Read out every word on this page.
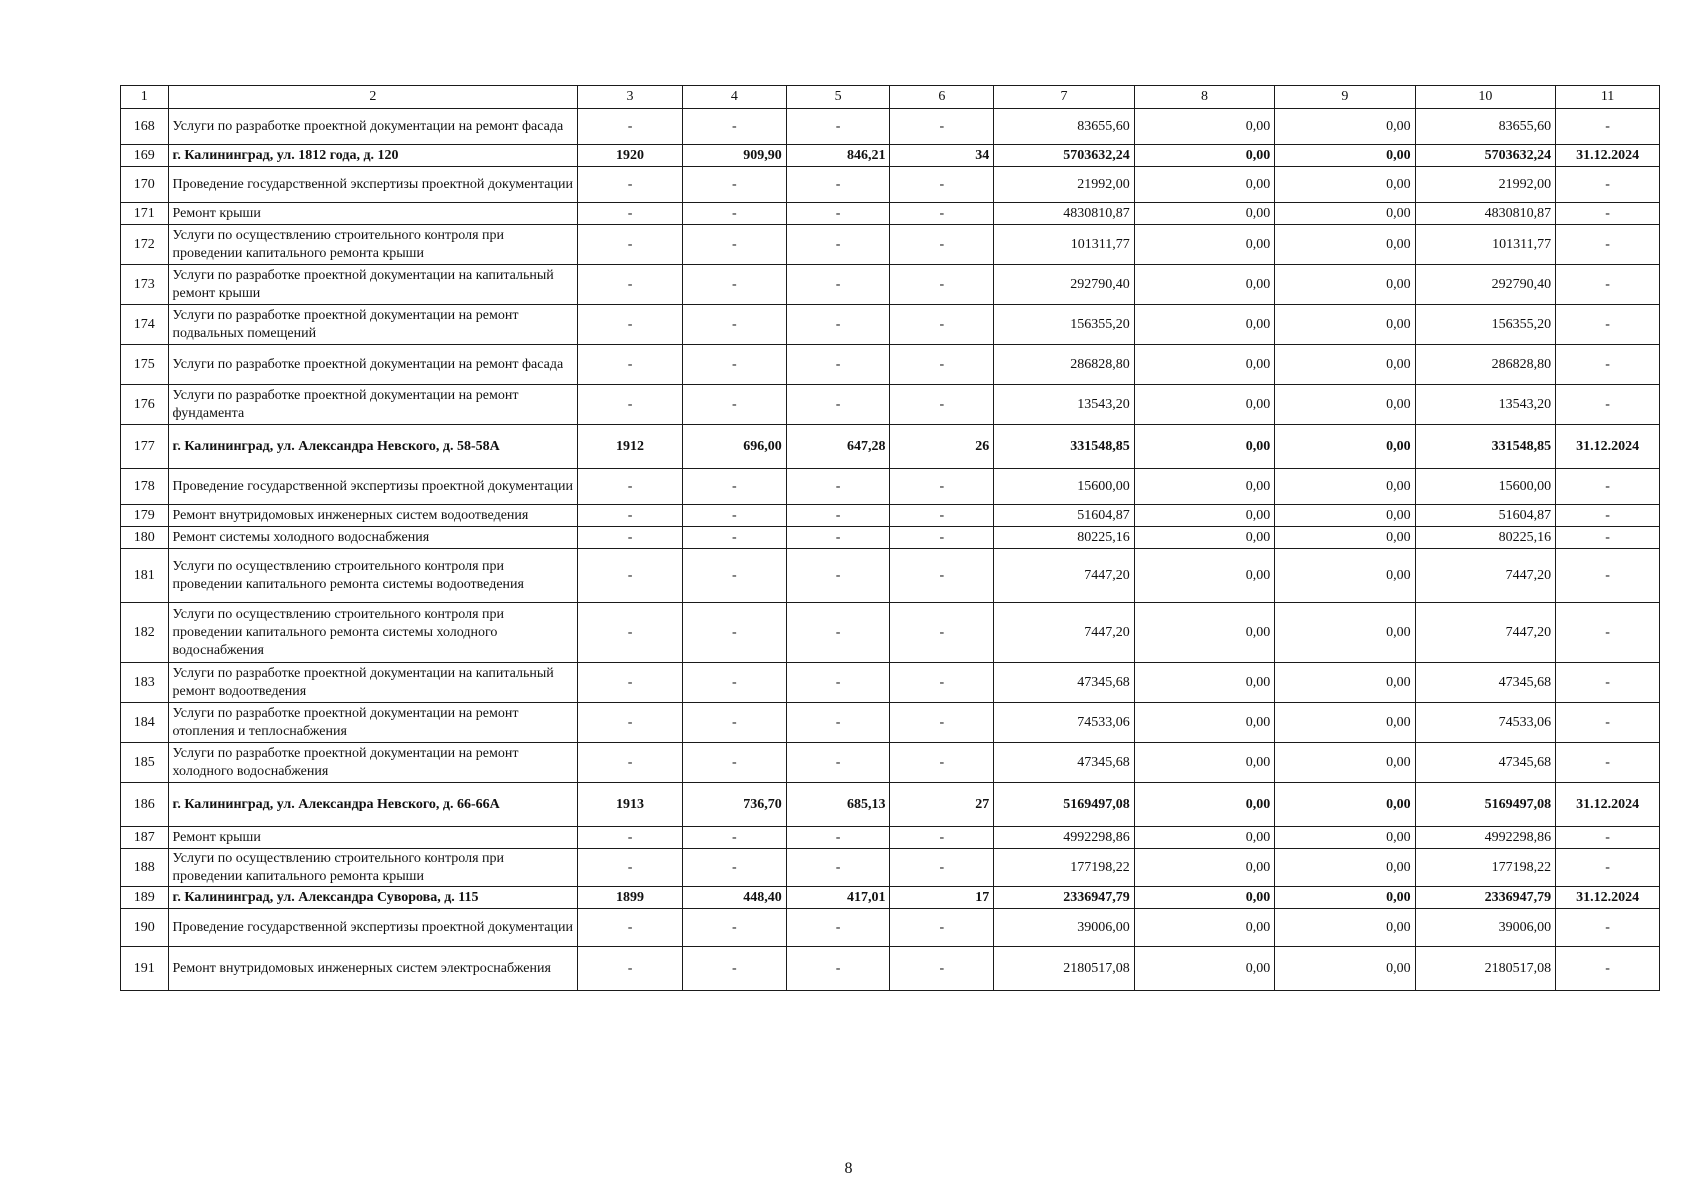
1	2	3	4	5	6	7	8	9	10	11
168	Услуги по разработке проектной документации на ремонт фасада	-	-	-	-	83655,60	0,00	0,00	83655,60	-
169	г. Калининград, ул. 1812 года, д. 120	1920	909,90	846,21	34	5703632,24	0,00	0,00	5703632,24	31.12.2024
170	Проведение государственной экспертизы проектной документации	-	-	-	-	21992,00	0,00	0,00	21992,00	-
171	Ремонт крыши	-	-	-	-	4830810,87	0,00	0,00	4830810,87	-
172	Услуги по осуществлению строительного контроля при проведении капитального ремонта крыши	-	-	-	-	101311,77	0,00	0,00	101311,77	-
173	Услуги по разработке проектной документации на капитальный ремонт крыши	-	-	-	-	292790,40	0,00	0,00	292790,40	-
174	Услуги по разработке проектной документации на ремонт подвальных помещений	-	-	-	-	156355,20	0,00	0,00	156355,20	-
175	Услуги по разработке проектной документации на ремонт фасада	-	-	-	-	286828,80	0,00	0,00	286828,80	-
176	Услуги по разработке проектной документации на ремонт фундамента	-	-	-	-	13543,20	0,00	0,00	13543,20	-
177	г. Калининград, ул. Александра Невского, д. 58-58А	1912	696,00	647,28	26	331548,85	0,00	0,00	331548,85	31.12.2024
178	Проведение государственной экспертизы проектной документации	-	-	-	-	15600,00	0,00	0,00	15600,00	-
179	Ремонт внутридомовых инженерных систем водоотведения	-	-	-	-	51604,87	0,00	0,00	51604,87	-
180	Ремонт системы холодного водоснабжения	-	-	-	-	80225,16	0,00	0,00	80225,16	-
181	Услуги по осуществлению строительного контроля при проведении капитального ремонта системы водоотведения	-	-	-	-	7447,20	0,00	0,00	7447,20	-
182	Услуги по осуществлению строительного контроля при проведении капитального ремонта системы холодного водоснабжения	-	-	-	-	7447,20	0,00	0,00	7447,20	-
183	Услуги по разработке проектной документации на капитальный ремонт водоотведения	-	-	-	-	47345,68	0,00	0,00	47345,68	-
184	Услуги по разработке проектной документации на ремонт отопления и теплоснабжения	-	-	-	-	74533,06	0,00	0,00	74533,06	-
185	Услуги по разработке проектной документации на ремонт холодного водоснабжения	-	-	-	-	47345,68	0,00	0,00	47345,68	-
186	г. Калининград, ул. Александра Невского, д. 66-66А	1913	736,70	685,13	27	5169497,08	0,00	0,00	5169497,08	31.12.2024
187	Ремонт крыши	-	-	-	-	4992298,86	0,00	0,00	4992298,86	-
188	Услуги по осуществлению строительного контроля при проведении капитального ремонта крыши	-	-	-	-	177198,22	0,00	0,00	177198,22	-
189	г. Калининград, ул. Александра Суворова, д. 115	1899	448,40	417,01	17	2336947,79	0,00	0,00	2336947,79	31.12.2024
190	Проведение государственной экспертизы проектной документации	-	-	-	-	39006,00	0,00	0,00	39006,00	-
191	Ремонт внутридомовых инженерных систем электроснабжения	-	-	-	-	2180517,08	0,00	0,00	2180517,08	-
8
